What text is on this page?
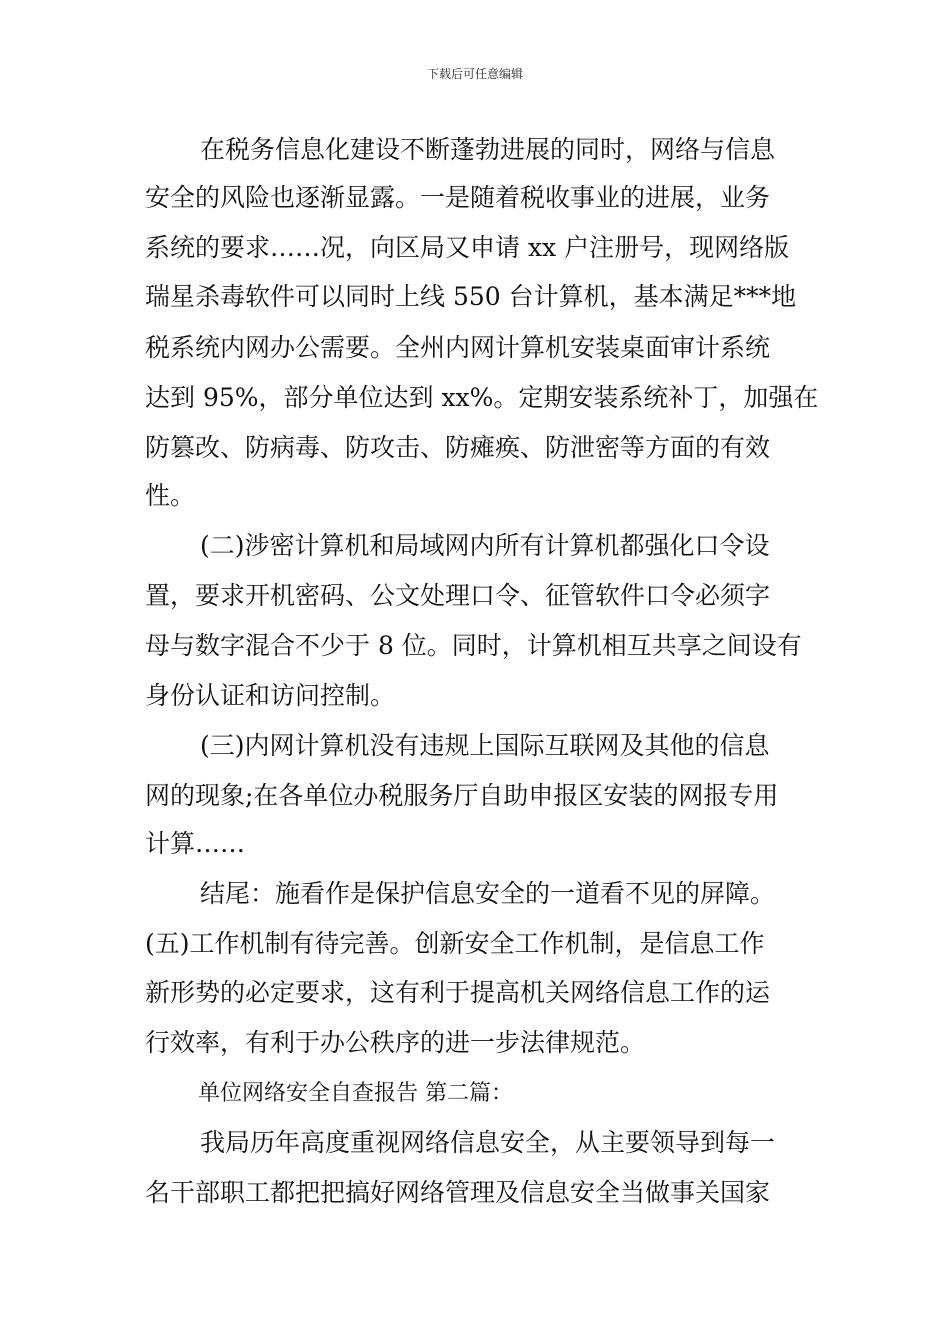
下载后可任意编辑
在税务信息化建设不断蓬勃进展的同时，网络与信息
安全的风险也逐渐显露。一是随着税收事业的进展，业务
系统的要求……况，向区局又申请 xx 户注册号，现网络版
瑞星杀毒软件可以同时上线 550 台计算机，基本满足***地
税系统内网办公需要。全州内网计算机安装桌面审计系统
达到 95%，部分单位达到 xx%。定期安装系统补丁，加强在
防篡改、防病毒、防攻击、防瘫痪、防泄密等方面的有效
性。
(二)涉密计算机和局域网内所有计算机都强化口令设
置，要求开机密码、公文处理口令、征管软件口令必须字
母与数字混合不少于 8 位。同时，计算机相互共享之间设有
身份认证和访问控制。
(三)内网计算机没有违规上国际互联网及其他的信息
网的现象;在各单位办税服务厅自助申报区安装的网报专用
计算……
结尾：施看作是保护信息安全的一道看不见的屏障。
(五)工作机制有待完善。创新安全工作机制，是信息工作
新形势的必定要求，这有利于提高机关网络信息工作的运
行效率，有利于办公秩序的进一步法律规范。
单位网络安全自查报告 第二篇：
我局历年高度重视网络信息安全，从主要领导到每一
名干部职工都把把搞好网络管理及信息安全当做事关国家
